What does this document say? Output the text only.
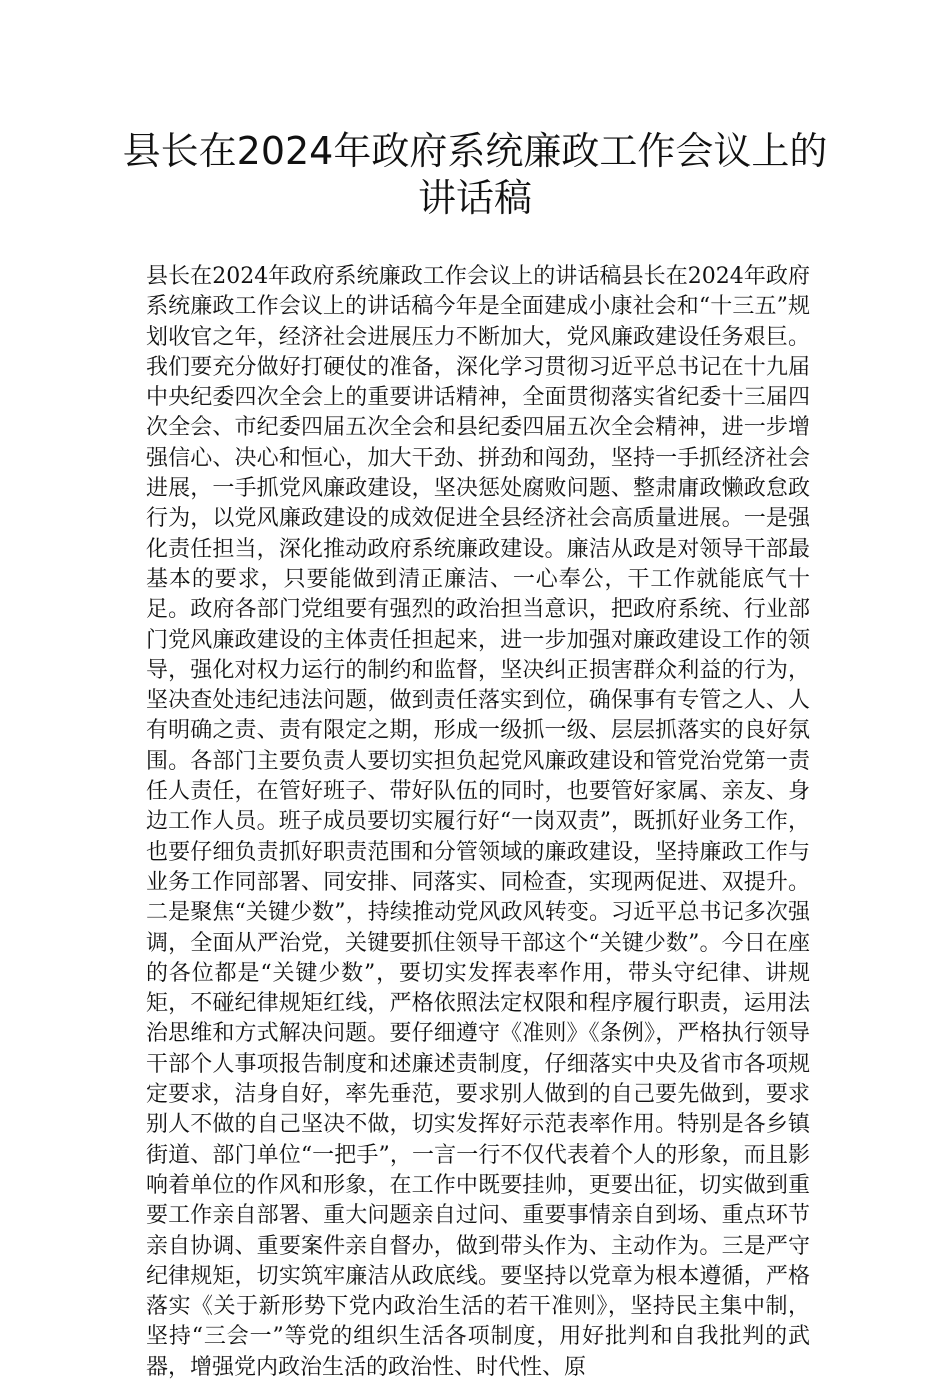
县长在2024年政府系统廉政工作会议上的讲话稿

县长在2024年政府系统廉政工作会议上的讲话稿县长在2024年政府系统廉政工作会议上的讲话稿今年是全面建成小康社会和“十三五”规划收官之年，经济社会进展压力不断加大，党风廉政建设任务艰巨。我们要充分做好打硬仗的准备，深化学习贯彻习近平总书记在十九届中央纪委四次全会上的重要讲话精神，全面贯彻落实省纪委十三届四次全会、市纪委四届五次全会和县纪委四届五次全会精神，进一步增强信心、决心和恒心，加大干劲、拼劲和闯劲，坚持一手抓经济社会进展，一手抓党风廉政建设，坚决惩处腐败问题、整肃庸政懒政怠政行为，以党风廉政建设的成效促进全县经济社会高质量进展。一是强化责任担当，深化推动政府系统廉政建设。廉洁从政是对领导干部最基本的要求，只要能做到清正廉洁、一心奉公，干工作就能底气十足。政府各部门党组要有强烈的政治担当意识，把政府系统、行业部门党风廉政建设的主体责任担起来，进一步加强对廉政建设工作的领导，强化对权力运行的制约和监督，坚决纠正损害群众利益的行为，坚决查处违纪违法问题，做到责任落实到位，确保事有专管之人、人有明确之责、责有限定之期，形成一级抓一级、层层抓落实的良好氛围。各部门主要负责人要切实担负起党风廉政建设和管党治党第一责任人责任，在管好班子、带好队伍的同时，也要管好家属、亲友、身边工作人员。班子成员要切实履行好“一岗双责”，既抓好业务工作，也要仔细负责抓好职责范围和分管领域的廉政建设，坚持廉政工作与业务工作同部署、同安排、同落实、同检查，实现两促进、双提升。二是聚焦“关键少数”，持续推动党风政风转变。习近平总书记多次强调，全面从严治党，关键要抓住领导干部这个“关键少数”。今日在座的各位都是“关键少数”，要切实发挥表率作用，带头守纪律、讲规矩，不碰纪律规矩红线，严格依照法定权限和程序履行职责，运用法治思维和方式解决问题。要仔细遵守《准则》《条例》，严格执行领导干部个人事项报告制度和述廉述责制度，仔细落实中央及省市各项规定要求，洁身自好，率先垂范，要求别人做到的自己要先做到，要求别人不做的自己坚决不做，切实发挥好示范表率作用。特别是各乡镇街道、部门单位“一把手”，一言一行不仅代表着个人的形象，而且影响着单位的作风和形象，在工作中既要挂帅，更要出征，切实做到重要工作亲自部署、重大问题亲自过问、重要事情亲自到场、重点环节亲自协调、重要案件亲自督办，做到带头作为、主动作为。三是严守纪律规矩，切实筑牢廉洁从政底线。要坚持以党章为根本遵循，严格落实《关于新形势下党内政治生活的若干准则》，坚持民主集中制，坚持“三会一”等党的组织生活各项制度，用好批判和自我批判的武器，增强党内政治生活的政治性、时代性、原
